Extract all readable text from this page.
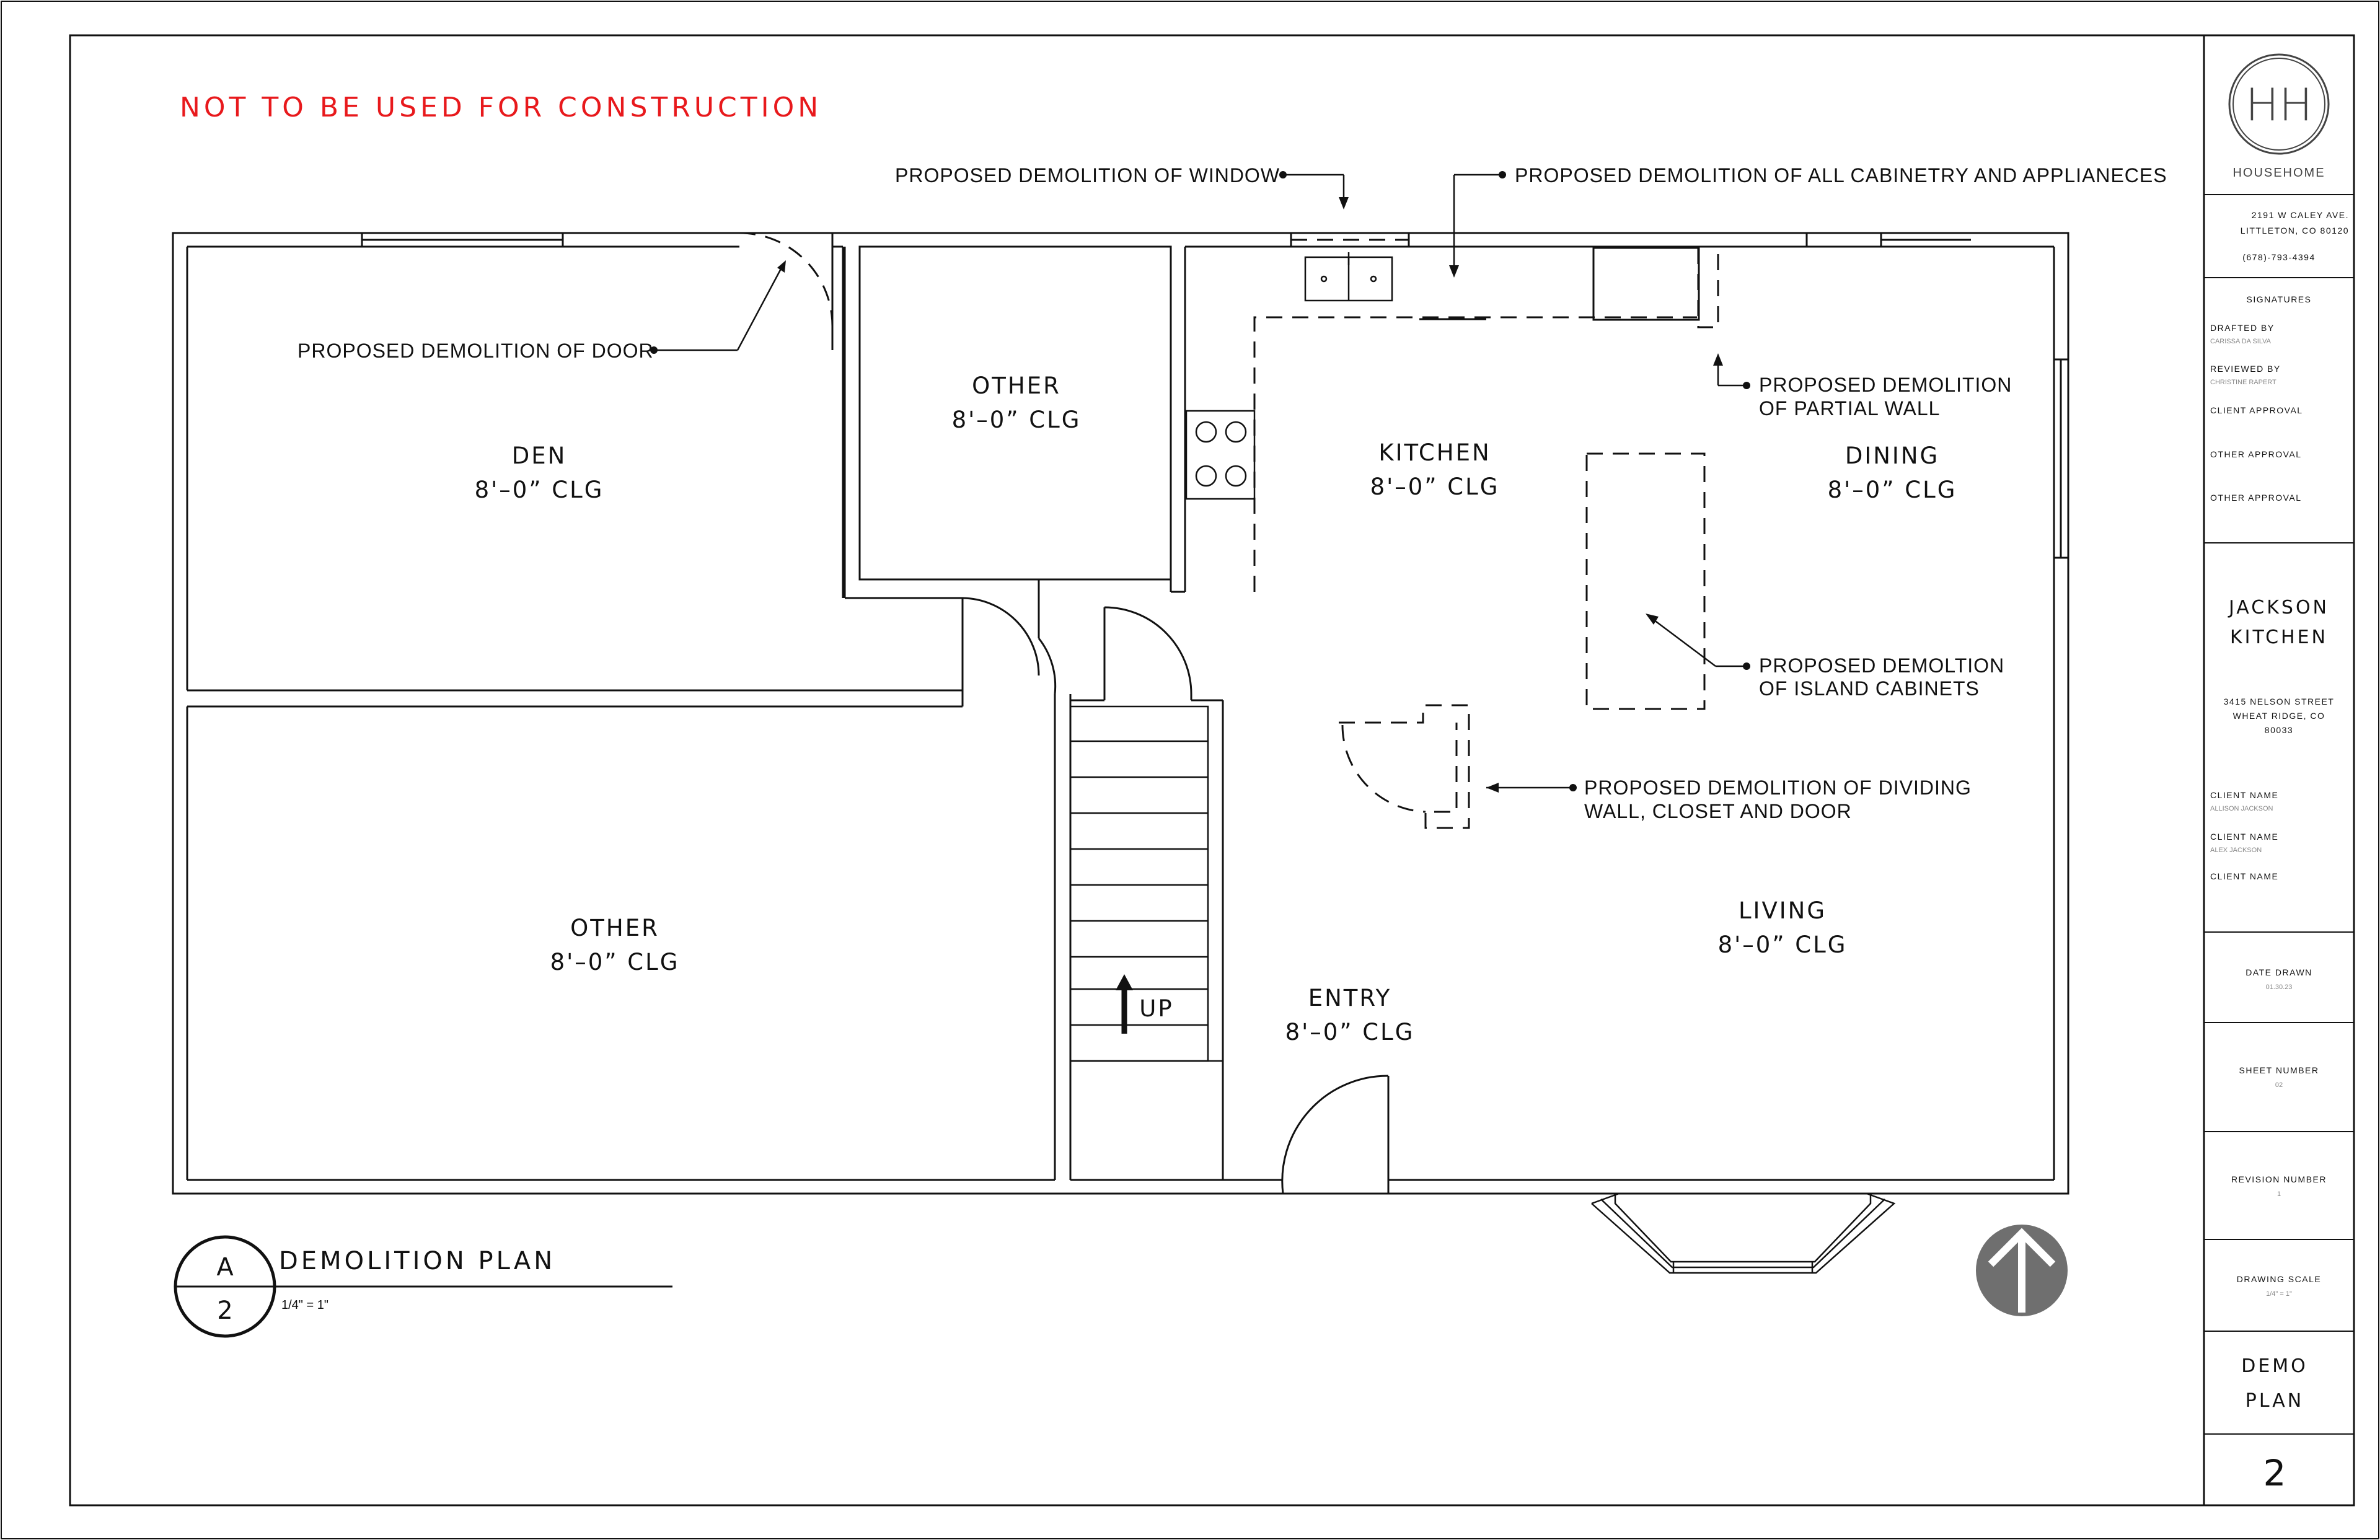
NOT TO BE USED FOR CONSTRUCTION
UP
DEN
8'–0” CLG
OTHER
8'–0” CLG
KITCHEN
8'–0” CLG
DINING
8'–0” CLG
OTHER
8'–0” CLG
LIVING
8'–0” CLG
ENTRY
8'–0” CLG
PROPOSED DEMOLITION OF WINDOW	PROPOSED DEMOLITION OF ALL CABINETRY AND APPLIANECES
PROPOSED DEMOLITION OF DOOR
PROPOSED DEMOLITION
OF PARTIAL WALL
PROPOSED DEMOLTION
OF ISLAND CABINETS
PROPOSED DEMOLITION OF DIVIDING
WALL, CLOSET AND DOOR
A
2
DEMOLITION PLAN
1/4" = 1"
HH
HOUSEHOME
2191 W CALEY AVE.
LITTLETON, CO 80120
(678)-793-4394
SIGNATURES
DRAFTED BY
CARISSA DA SILVA
REVIEWED BY
CHRISTINE RAPERT
CLIENT APPROVAL
OTHER APPROVAL
OTHER APPROVAL
JACKSON
KITCHEN
3415 NELSON STREET
WHEAT RIDGE, CO
80033
CLIENT NAME
ALLISON JACKSON
CLIENT NAME
ALEX JACKSON
CLIENT NAME
DATE DRAWN
01.30.23
SHEET NUMBER
02
REVISION NUMBER
1
DRAWING SCALE
1/4" = 1"
DEMO
PLAN
2
